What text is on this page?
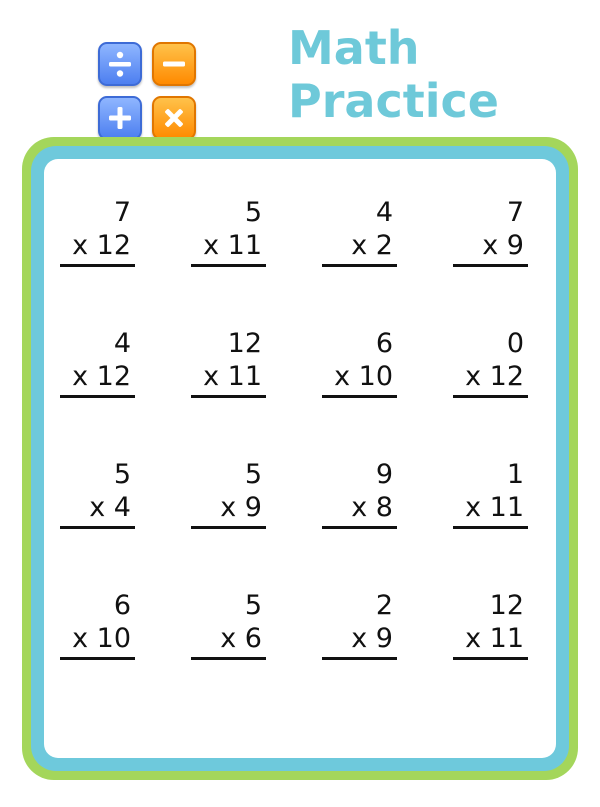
Math
Practice
7
x 12
5
x 11
4
x 2
7
x 9
4
x 12
12
x 11
6
x 10
0
x 12
5
x 4
5
x 9
9
x 8
1
x 11
6
x 10
5
x 6
2
x 9
12
x 11
